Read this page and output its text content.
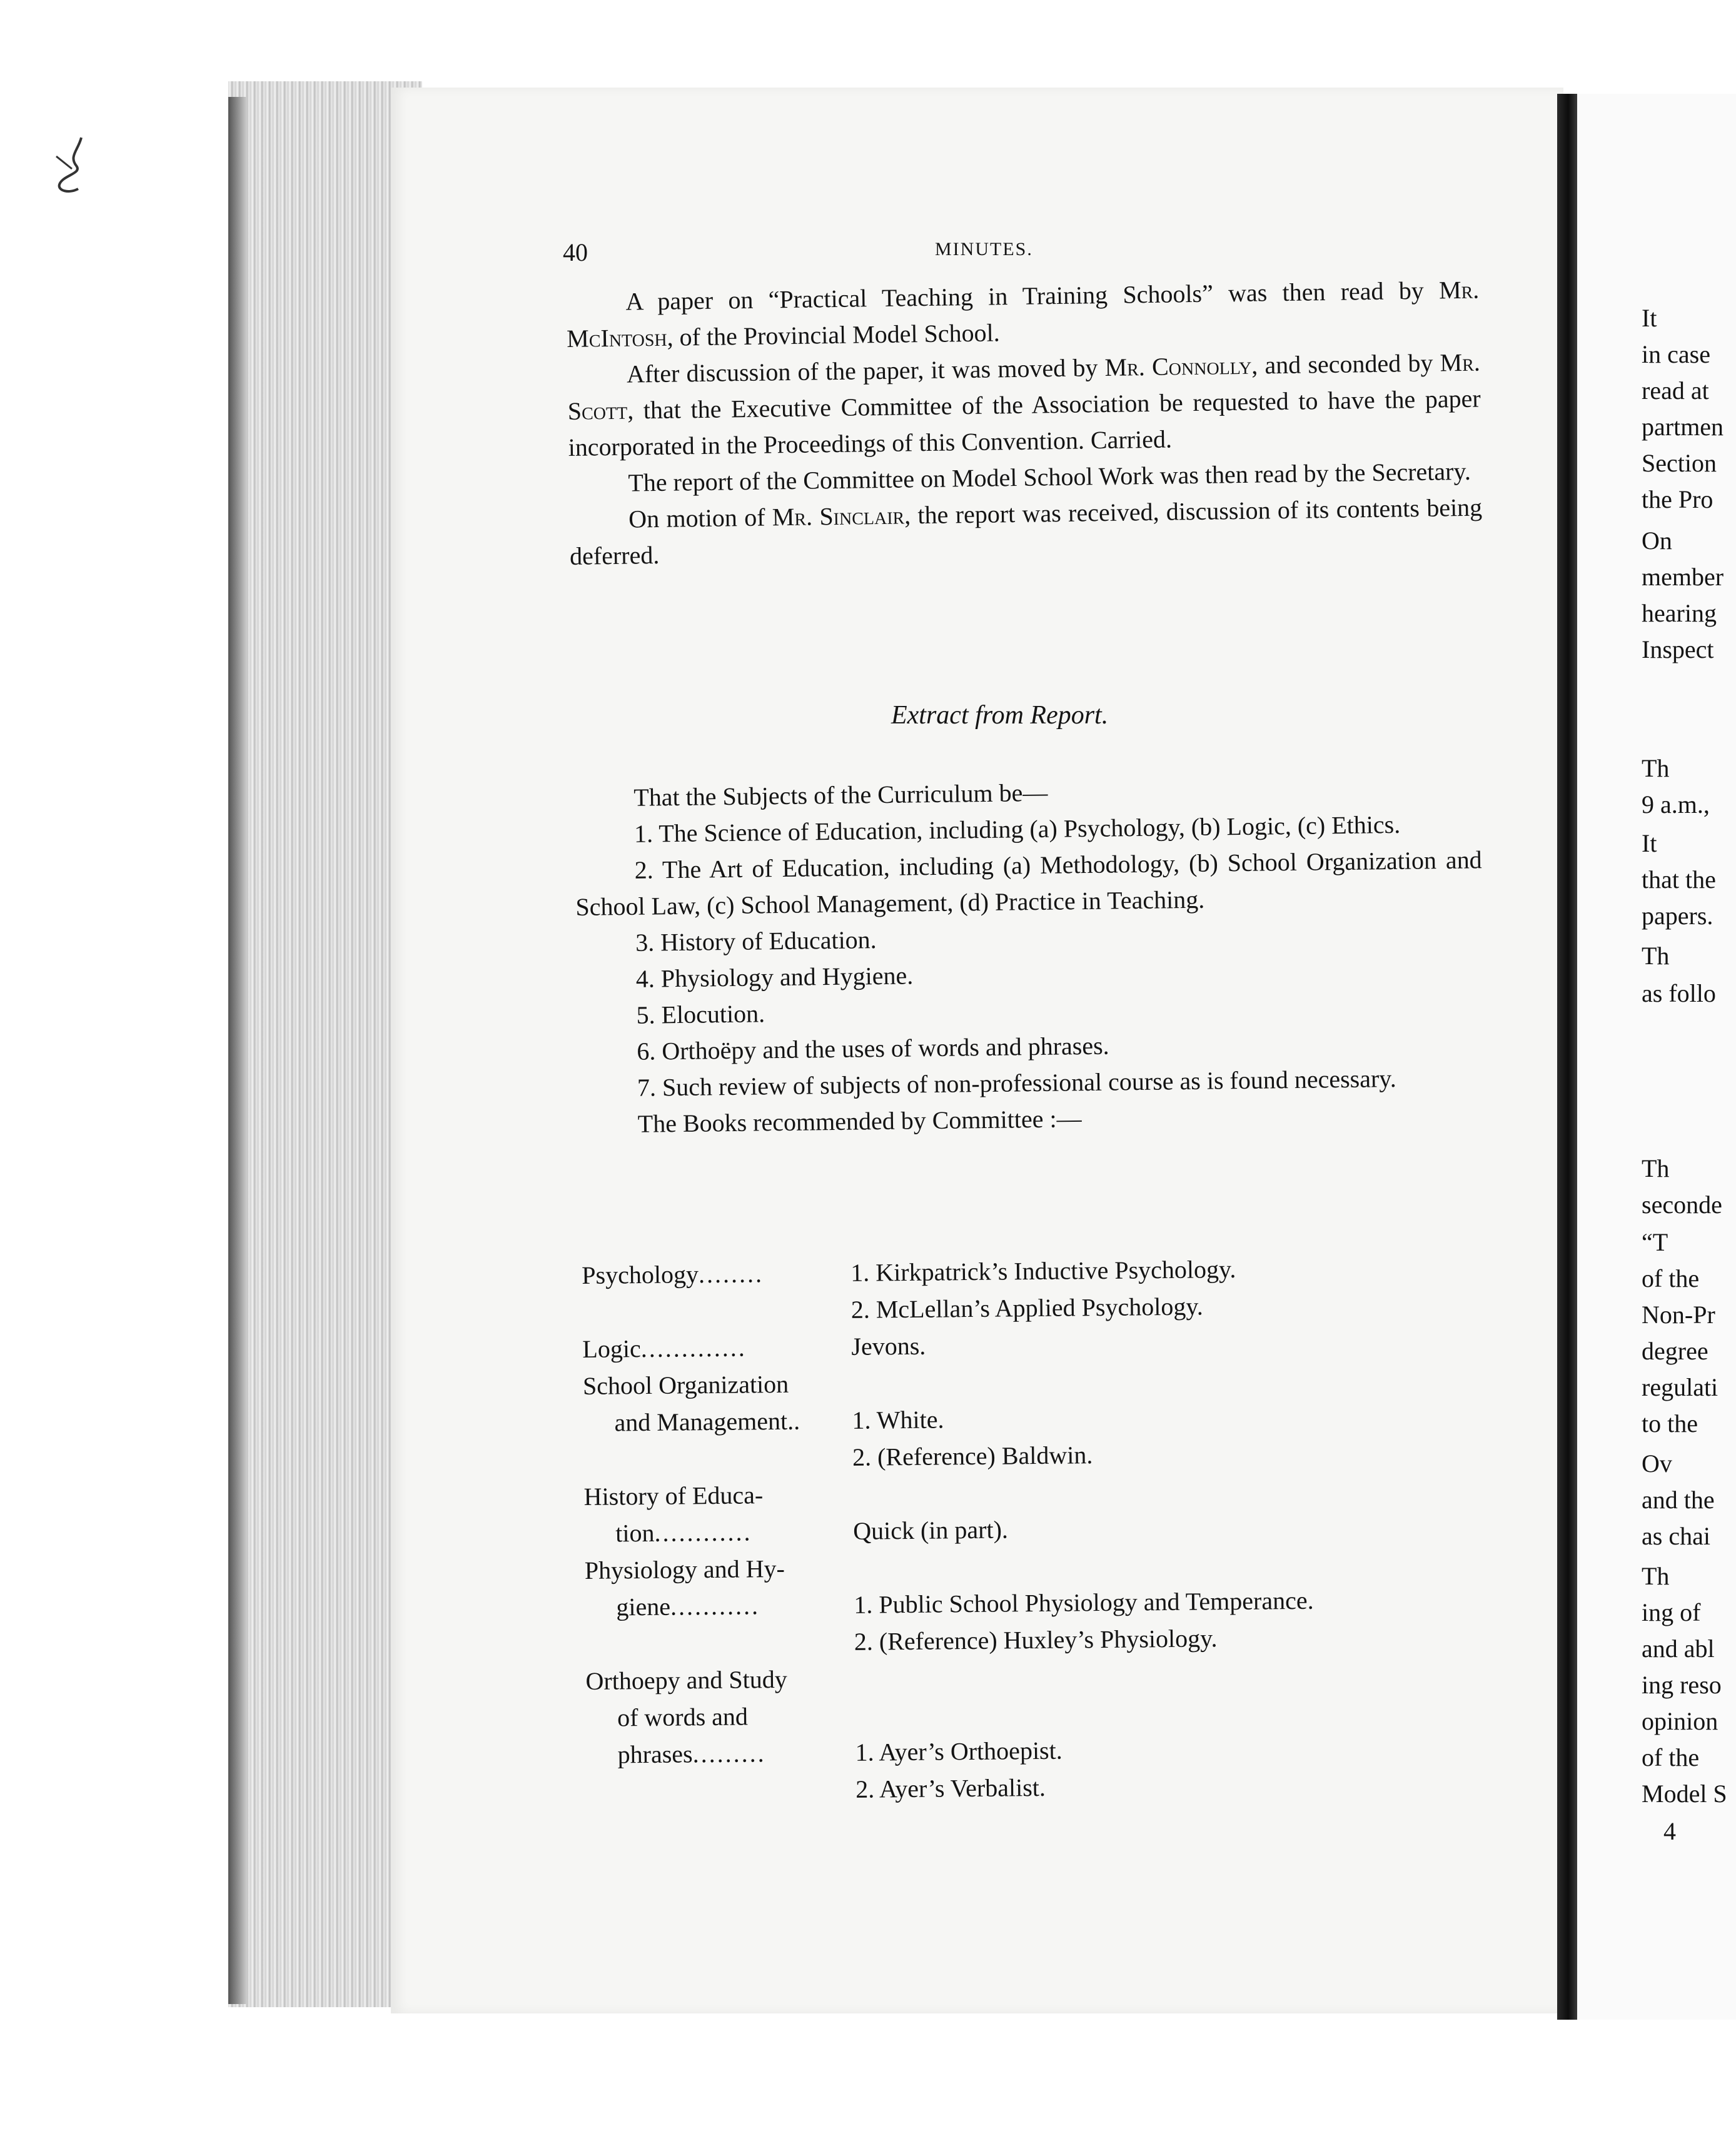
40	MINUTES.

A paper on “Practical Teaching in Training Schools” was then read by Mr. McIntosh, of the Provincial Model School.

After discussion of the paper, it was moved by Mr. Connolly, and seconded by Mr. Scott, that the Executive Committee of the Association be requested to have the paper incorporated in the Proceedings of this Convention. Carried.

The report of the Committee on Model School Work was then read by the Secretary.

On motion of Mr. Sinclair, the report was received, discussion of its contents being deferred.

Extract from Report.

That the Subjects of the Curriculum be—

1. The Science of Education, including (a) Psychology, (b) Logic, (c) Ethics.

2. The Art of Education, including (a) Methodology, (b) School Organization and School Law, (c) School Management, (d) Practice in Teaching.

3. History of Education.

4. Physiology and Hygiene.

5. Elocution.

6. Orthoëpy and the uses of words and phrases.

7. Such review of subjects of non-professional course as is found necessary.

The Books recommended by Committee :—

Psychology........	1. Kirkpatrick’s Inductive Psychology.
2. McLellan’s Applied Psychology.
Logic.............	Jevons.
School Organization
and Management.. 1. White.
2. (Reference) Baldwin.
History of Educa-
tion............	Quick (in part).
Physiology and Hy-
giene...........	1. Public School Physiology and Temperance.
2. (Reference) Huxley’s Physiology.
Orthoepy and Study
of words and
phrases.........	1. Ayer’s Orthoepist.
2. Ayer’s Verbalist.
It
in case
read at
partmen
Section
the Pro
On
member
hearing
Inspect
Th
9 a.m.,
It
that the
papers.
Th
as follo
Th
seconde
“T
of the
Non-Pr
degree
regulati
to the
Ov
and the
as chai
Th
ing of
and abl
ing reso
opinion
of the
Model S
4
